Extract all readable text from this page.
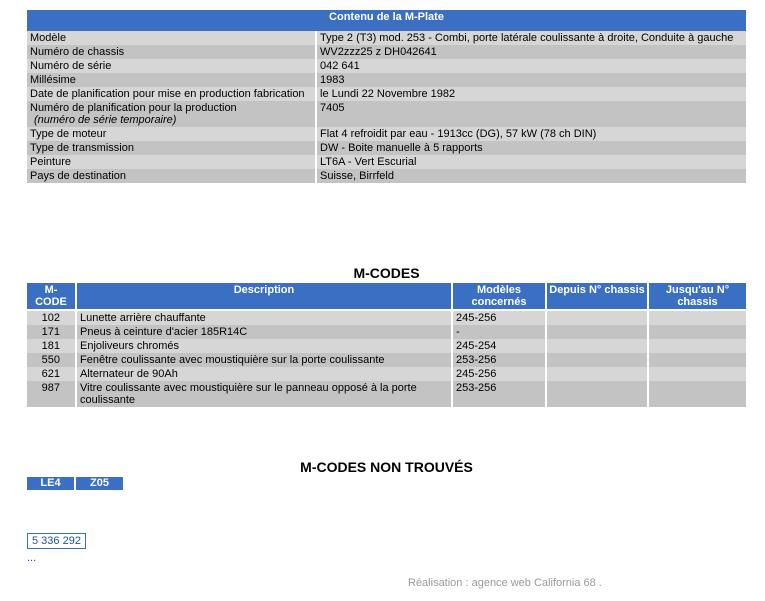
Contenu de la M-Plate	

Modèle	Type 2 (T3) mod. 253 - Combi, porte latérale coulissante à droite, Conduite à gauche

Numéro de chassis	WV2zzz25 z DH042641

Numéro de série	042 641

Millésime	1983

Date de planification pour mise en production fabrication	le Lundi 22 Novembre 1982

Numéro de planification pour la production
(numéro de série temporaire)	7405

Type de moteur	Flat 4 refroidit par eau - 1913cc (DG), 57 kW (78 ch DIN)

Type de transmission	DW - Boite manuelle à 5 rapports

Peinture	LT6A - Vert Escurial

Pays de destination	Suisse, Birrfeld
M-CODES
M-CODE	Description	Modèles concernés	Depuis N° chassis	Jusqu'au N° chassis
102	Lunette arrière chauffante	245-256		
171	Pneus à ceinture d'acier 185R14C	-		
181	Enjoliveurs chromés	245-254		
550	Fenêtre coulissante avec moustiquière sur la porte coulissante	253-256		
621	Alternateur de 90Ah	245-256		
987	Vitre coulissante avec moustiquière sur le panneau opposé à la porte coulissante	253-256		
M-CODES NON TROUVÉS
LE4	Z05
5 336 292
...
Réalisation : agence web California 68 .
